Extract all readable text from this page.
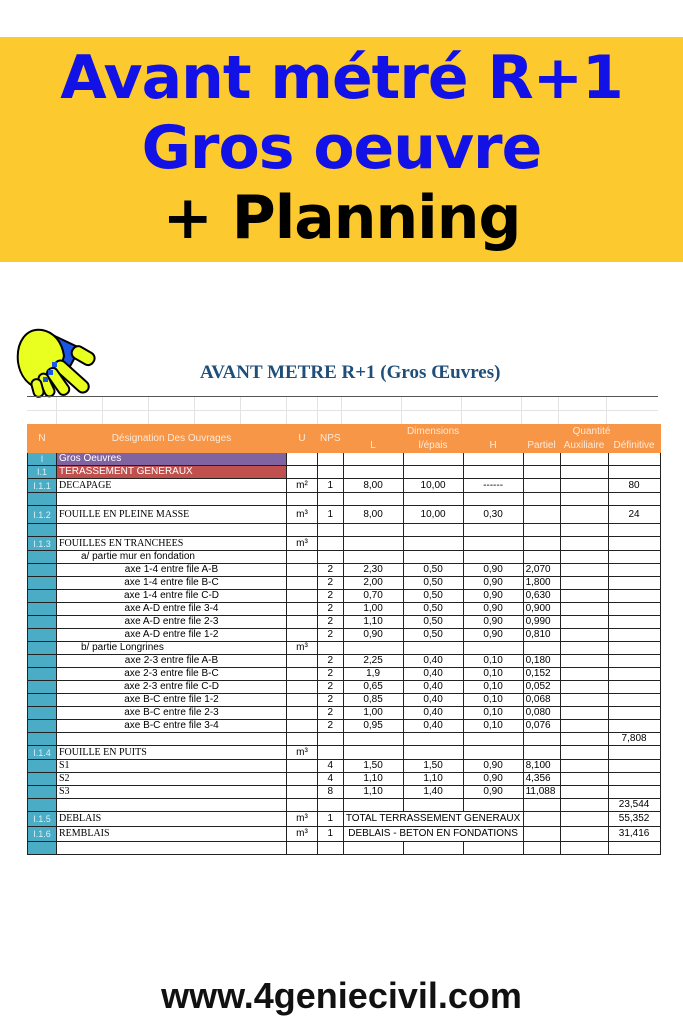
Avant métré R+1
Gros oeuvre
+ Planning
AVANT METRE R+1 (Gros Œuvres)
N	Désignation Des Ouvrages	U	NPS	Dimensions			Quantité		
				L	l/épais	H	Partiel	Auxiliaire	Définitive
I	Gros Oeuvres								
I.1	TERASSEMENT GENERAUX								
I.1.1	DECAPAGE	m²	1	8,00	10,00	------			80

I.1.2	FOUILLE EN PLEINE MASSE	m³	1	8,00	10,00	0,30			24

I.1.3	FOUILLES EN TRANCHEES	m³							
	a/ partie mur en fondation								
	axe 1-4 entre file A-B		2	2,30	0,50	0,90	2,070		
	axe 1-4 entre file B-C		2	2,00	0,50	0,90	1,800		
	axe 1-4 entre file C-D		2	0,70	0,50	0,90	0,630		
	axe A-D entre file 3-4		2	1,00	0,50	0,90	0,900		
	axe A-D entre file 2-3		2	1,10	0,50	0,90	0,990		
	axe A-D entre file 1-2		2	0,90	0,50	0,90	0,810		
	b/ partie Longrines	m³							
	axe 2-3 entre file A-B		2	2,25	0,40	0,10	0,180		
	axe 2-3 entre file B-C		2	1,9	0,40	0,10	0,152		
	axe 2-3 entre file C-D		2	0,65	0,40	0,10	0,052		
	axe B-C entre file 1-2		2	0,85	0,40	0,10	0,068		
	axe B-C entre file 2-3		2	1,00	0,40	0,10	0,080		
	axe B-C entre file 3-4		2	0,95	0,40	0,10	0,076		
									7,808
I.1.4	FOUILLE EN PUITS	m³							
	S1		4	1,50	1,50	0,90	8,100		
	S2		4	1,10	1,10	0,90	4,356		
	S3		8	1,10	1,40	0,90	11,088		
									23,544
I.1.5	DEBLAIS	m³	1	TOTAL TERRASSEMENT GENERAUX					55,352
I.1.6	REMBLAIS	m³	1	DEBLAIS - BETON EN FONDATIONS					31,416

www.4geniecivil.com
